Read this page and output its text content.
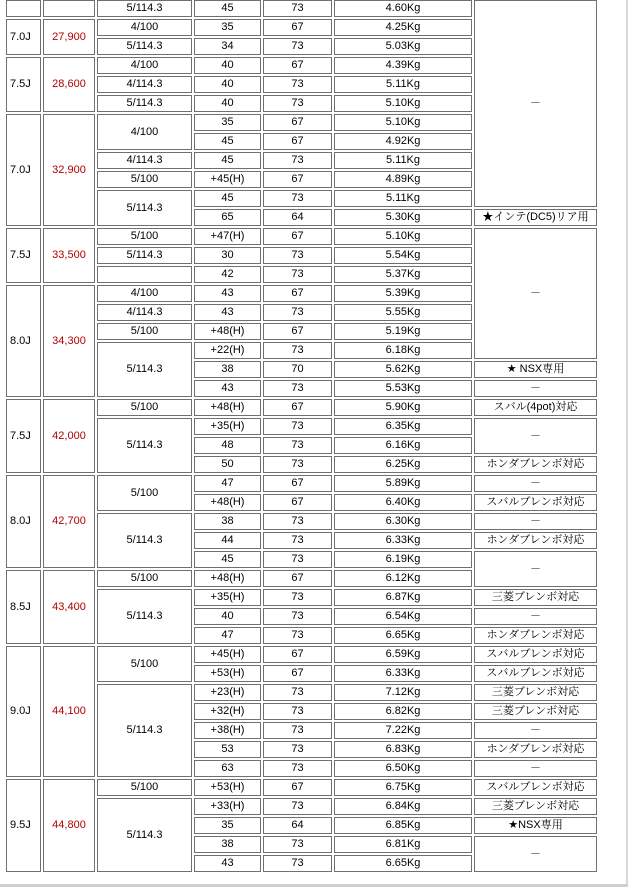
		5/114.3	45	73	4.60Kg	－
7.0J	27,900	4/100	35	67	4.25Kg	
		5/114.3	34	73	5.03Kg	
7.5J	28,600	4/100	40	67	4.39Kg	
		4/114.3	40	73	5.11Kg	
		5/114.3	40	73	5.10Kg	
7.0J	32,900	4/100	35	67	5.10Kg	
			45	67	4.92Kg	
		4/114.3	45	73	5.11Kg	
		5/100	+45(H)	67	4.89Kg	
		5/114.3	45	73	5.11Kg	
			65	64	5.30Kg	★インテ(DC5)リア用
7.5J	33,500	5/100	+47(H)	67	5.10Kg	－
		5/114.3	30	73	5.54Kg	
			42	73	5.37Kg	
8.0J	34,300	4/100	43	67	5.39Kg	
		4/114.3	43	73	5.55Kg	
		5/100	+48(H)	67	5.19Kg	
		5/114.3	+22(H)	73	6.18Kg	
			38	70	5.62Kg	★ NSX専用
			43	73	5.53Kg	－
7.5J	42,000	5/100	+48(H)	67	5.90Kg	スバル(4pot)対応
		5/114.3	+35(H)	73	6.35Kg	－
			48	73	6.16Kg	
			50	73	6.25Kg	ホンダブレンボ対応
8.0J	42,700	5/100	47	67	5.89Kg	－
			+48(H)	67	6.40Kg	スバルブレンボ対応
		5/114.3	38	73	6.30Kg	－
			44	73	6.33Kg	ホンダブレンボ対応
			45	73	6.19Kg	－
8.5J	43,400	5/100	+48(H)	67	6.12Kg	
		5/114.3	+35(H)	73	6.87Kg	三菱ブレンボ対応
			40	73	6.54Kg	－
			47	73	6.65Kg	ホンダブレンボ対応
9.0J	44,100	5/100	+45(H)	67	6.59Kg	スバルブレンボ対応
			+53(H)	67	6.33Kg	スバルブレンボ対応
		5/114.3	+23(H)	73	7.12Kg	三菱ブレンボ対応
			+32(H)	73	6.82Kg	三菱ブレンボ対応
			+38(H)	73	7.22Kg	－
			53	73	6.83Kg	ホンダブレンボ対応
			63	73	6.50Kg	－
9.5J	44,800	5/100	+53(H)	67	6.75Kg	スバルブレンボ対応
		5/114.3	+33(H)	73	6.84Kg	三菱ブレンボ対応
			35	64	6.85Kg	★NSX専用
			38	73	6.81Kg	－
			43	73	6.65Kg	
